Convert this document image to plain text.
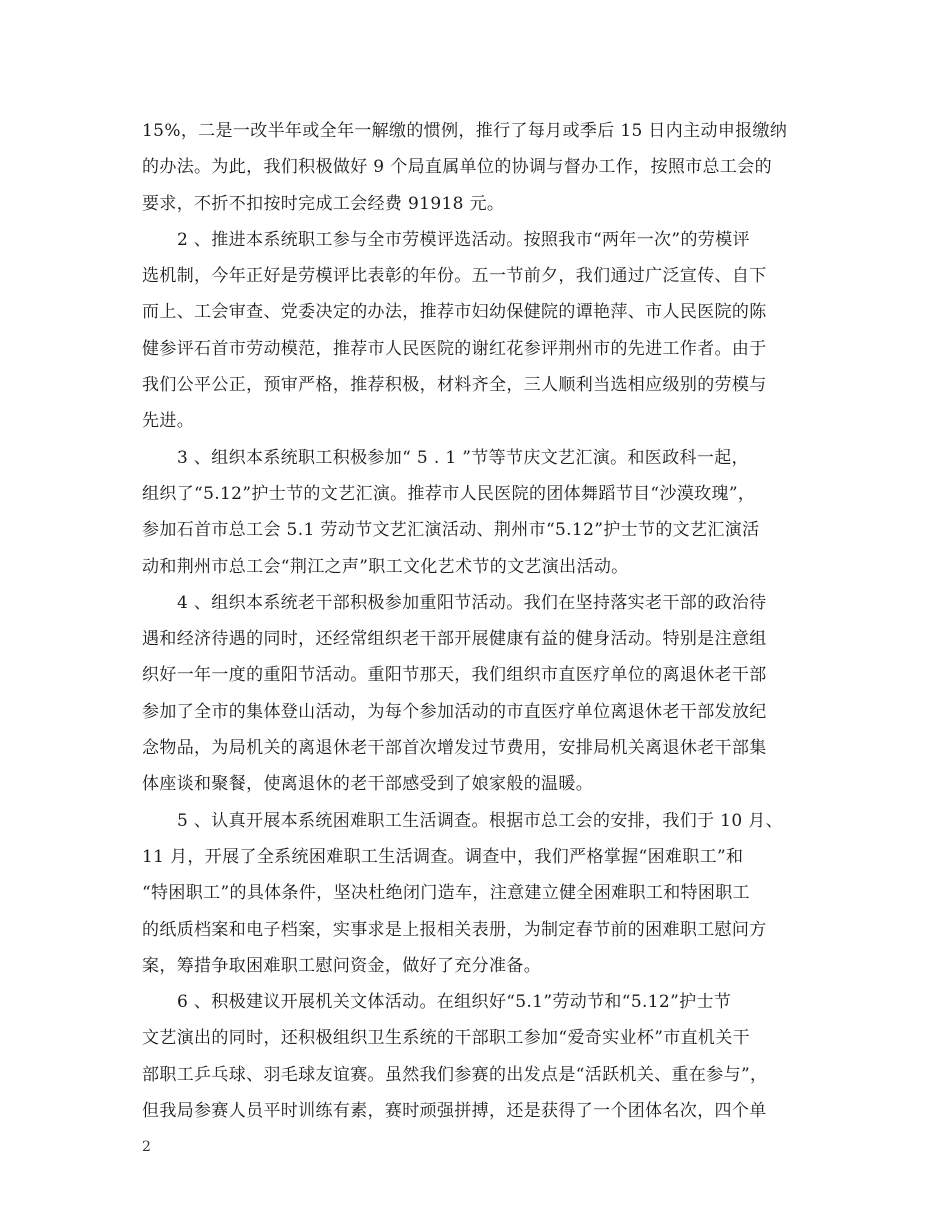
15%，二是一改半年或全年一解缴的惯例，推行了每月或季后 15 日内主动申报缴纳
的办法。为此，我们积极做好 9 个局直属单位的协调与督办工作，按照市总工会的
要求，不折不扣按时完成工会经费 91918 元。

2 、推进本系统职工参与全市劳模评选活动。按照我市“两年一次”的劳模评
选机制，今年正好是劳模评比表彰的年份。五一节前夕，我们通过广泛宣传、自下
而上、工会审查、党委决定的办法，推荐市妇幼保健院的谭艳萍、市人民医院的陈
健参评石首市劳动模范，推荐市人民医院的谢红花参评荆州市的先进工作者。由于
我们公平公正，预审严格，推荐积极，材料齐全，三人顺利当选相应级别的劳模与
先进。

3 、组织本系统职工积极参加“ 5 . 1 ”节等节庆文艺汇演。和医政科一起，
组织了“5.12”护士节的文艺汇演。推荐市人民医院的团体舞蹈节目“沙漠玫瑰”，
参加石首市总工会 5.1 劳动节文艺汇演活动、荆州市“5.12”护士节的文艺汇演活
动和荆州市总工会“荆江之声”职工文化艺术节的文艺演出活动。

4 、组织本系统老干部积极参加重阳节活动。我们在坚持落实老干部的政治待
遇和经济待遇的同时，还经常组织老干部开展健康有益的健身活动。特别是注意组
织好一年一度的重阳节活动。重阳节那天，我们组织市直医疗单位的离退休老干部
参加了全市的集体登山活动，为每个参加活动的市直医疗单位离退休老干部发放纪
念物品，为局机关的离退休老干部首次增发过节费用，安排局机关离退休老干部集
体座谈和聚餐，使离退休的老干部感受到了娘家般的温暖。

5 、认真开展本系统困难职工生活调查。根据市总工会的安排，我们于 10 月、
11 月，开展了全系统困难职工生活调查。调查中，我们严格掌握“困难职工”和
“特困职工”的具体条件，坚决杜绝闭门造车，注意建立健全困难职工和特困职工
的纸质档案和电子档案，实事求是上报相关表册，为制定春节前的困难职工慰问方
案，筹措争取困难职工慰问资金，做好了充分准备。

6 、积极建议开展机关文体活动。在组织好“5.1”劳动节和“5.12”护士节
文艺演出的同时，还积极组织卫生系统的干部职工参加“爱奇实业杯”市直机关干
部职工乒乓球、羽毛球友谊赛。虽然我们参赛的出发点是“活跃机关、重在参与”，
但我局参赛人员平时训练有素，赛时顽强拼搏，还是获得了一个团体名次，四个单

2
